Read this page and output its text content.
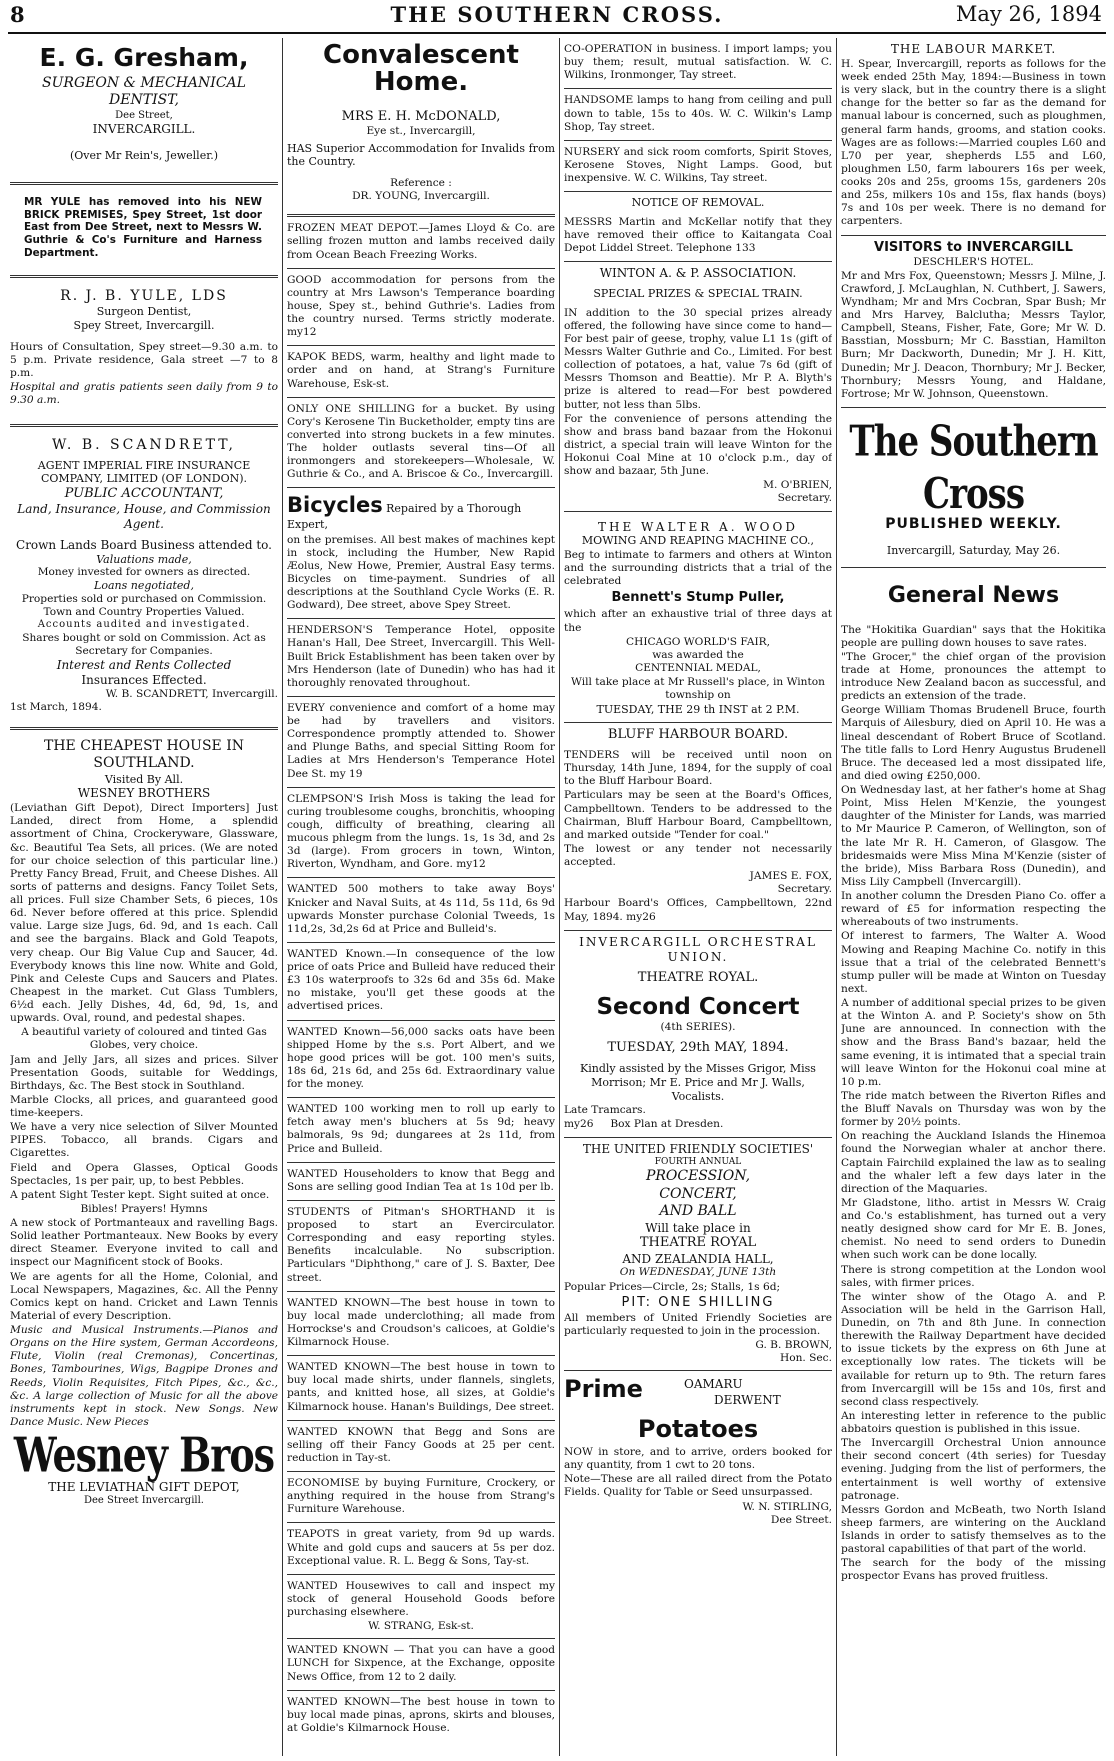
8	THE SOUTHERN CROSS.	May 26, 1894
E. G. Gresham,
SURGEON & MECHANICAL
DENTIST,
Dee Street,
INVERCARGILL.
(Over Mr Rein's, Jeweller.)

MR YULE has removed into his NEW BRICK PREMISES, Spey Street, 1st door East from Dee Street, next to Messrs W. Guthrie & Co's Furniture and Harness Department.

R. J. B. YULE, LDS
Surgeon Dentist,
Spey Street, Invercargill.

Hours of Consultation, Spey street—9.30 a.m. to 5 p.m. Private residence, Gala street —7 to 8 p.m.

Hospital and gratis patients seen daily from 9 to 9.30 a.m.

W. B. SCANDRETT,
AGENT IMPERIAL FIRE INSURANCE COMPANY, LIMITED (OF LONDON).
PUBLIC ACCOUNTANT,
Land, Insurance, House, and Commission Agent.
Crown Lands Board Business attended to.
Valuations made,
Money invested for owners as directed.
Loans negotiated,
Properties sold or purchased on Commission. Town and Country Properties Valued.
Accounts audited and investigated.
Shares bought or sold on Commission. Act as Secretary for Companies.
Interest and Rents Collected
Insurances Effected.
W. B. SCANDRETT, Invercargill.
1st March, 1894.
THE CHEAPEST HOUSE IN SOUTHLAND.
Visited By All.
WESNEY BROTHERS

(Leviathan Gift Depot), Direct Importers] Just Landed, direct from Home, a splendid assortment of China, Crockeryware, Glassware, &c. Beautiful Tea Sets, all prices. (We are noted for our choice selection of this particular line.) Pretty Fancy Bread, Fruit, and Cheese Dishes. All sorts of patterns and designs. Fancy Toilet Sets, all prices. Full size Chamber Sets, 6 pieces, 10s 6d. Never before offered at this price. Splendid value. Large size Jugs, 6d. 9d, and 1s each. Call and see the bargains. Black and Gold Teapots, very cheap. Our Big Value Cup and Saucer, 4d. Everybody knows this line now. White and Gold, Pink and Celeste Cups and Saucers and Plates. Cheapest in the market. Cut Glass Tumblers, 6½d each. Jelly Dishes, 4d, 6d, 9d, 1s, and upwards. Oval, round, and pedestal shapes.

A beautiful variety of coloured and tinted Gas Globes, very choice.

Jam and Jelly Jars, all sizes and prices. Silver Presentation Goods, suitable for Weddings, Birthdays, &c. The Best stock in Southland.

Marble Clocks, all prices, and guaranteed good time-keepers.

We have a very nice selection of Silver Mounted PIPES. Tobacco, all brands. Cigars and Cigarettes.

Field and Opera Glasses, Optical Goods Spectacles, 1s per pair, up, to best Pebbles.

A patent Sight Tester kept. Sight suited at once.

Bibles! Prayers! Hymns

A new stock of Portmanteaux and ravelling Bags. Solid leather Portmanteaux. New Books by every direct Steamer. Everyone invited to call and inspect our Magnificent stock of Books.

We are agents for all the Home, Colonial, and Local Newspapers, Magazines, &c. All the Penny Comics kept on hand. Cricket and Lawn Tennis Material of every Description.

Music and Musical Instruments.—Pianos and Organs on the Hire system, German Accordeons, Flute, Violin (real Cremonas), Concertinas, Bones, Tambourines, Wigs, Bagpipe Drones and Reeds, Violin Requisites, Fitch Pipes, &c., &c., &c. A large collection of Music for all the above instruments kept in stock. New Songs. New Dance Music. New Pieces

Wesney Bros
THE LEVIATHAN GIFT DEPOT,
Dee Street Invercargill.
Convalescent Home.
MRS E. H. McDONALD,
Eye st., Invercargill,

HAS Superior Accommodation for Invalids from the Country.

Reference :
DR. YOUNG, Invercargill.

FROZEN MEAT DEPOT.—James Lloyd & Co. are selling frozen mutton and lambs received daily from Ocean Beach Freezing Works.

GOOD accommodation for persons from the country at Mrs Lawson's Temperance boarding house, Spey st., behind Guthrie's. Ladies from the country nursed. Terms strictly moderate. my12

KAPOK BEDS, warm, healthy and light made to order and on hand, at Strang's Furniture Warehouse, Esk-st.

ONLY ONE SHILLING for a bucket. By using Cory's Kerosene Tin Bucketholder, empty tins are converted into strong buckets in a few minutes. The holder outlasts several tins—Of all ironmongers and storekeepers—Wholesale, W. Guthrie & Co., and A. Briscoe & Co., Invercargill.

Bicycles Repaired by a Thorough Expert,

on the premises. All best makes of machines kept in stock, including the Humber, New Rapid Æolus, New Howe, Premier, Austral Easy terms. Bicycles on time-payment. Sundries of all descriptions at the Southland Cycle Works (E. R. Godward), Dee street, above Spey Street.

HENDERSON'S Temperance Hotel, opposite Hanan's Hall, Dee Street, Invercargill. This Well-Built Brick Establishment has been taken over by Mrs Henderson (late of Dunedin) who has had it thoroughly renovated throughout.

EVERY convenience and comfort of a home may be had by travellers and visitors. Correspondence promptly attended to. Shower and Plunge Baths, and special Sitting Room for Ladies at Mrs Henderson's Temperance Hotel Dee St. my 19

CLEMPSON'S Irish Moss is taking the lead for curing troublesome coughs, bronchitis, whooping cough, difficulty of breathing, clearing all mucous phlegm from the lungs. 1s, 1s 3d, and 2s 3d (large). From grocers in town, Winton, Riverton, Wyndham, and Gore. my12

WANTED 500 mothers to take away Boys' Knicker and Naval Suits, at 4s 11d, 5s 11d, 6s 9d upwards Monster purchase Colonial Tweeds, 1s 11d,2s, 3d,2s 6d at Price and Bulleid's.

WANTED Known.—In consequence of the low price of oats Price and Bulleid have reduced their £3 10s waterproofs to 32s 6d and 35s 6d. Make no mistake, you'll get these goods at the advertised prices.

WANTED Known—56,000 sacks oats have been shipped Home by the s.s. Port Albert, and we hope good prices will be got. 100 men's suits, 18s 6d, 21s 6d, and 25s 6d. Extraordinary value for the money.

WANTED 100 working men to roll up early to fetch away men's bluchers at 5s 9d; heavy balmorals, 9s 9d; dungarees at 2s 11d, from Price and Bulleid.

WANTED Householders to know that Begg and Sons are selling good Indian Tea at 1s 10d per lb.

STUDENTS of Pitman's SHORTHAND it is proposed to start an Evercirculator. Corresponding and easy reporting styles. Benefits incalculable. No subscription. Particulars "Diphthong," care of J. S. Baxter, Dee street.

WANTED KNOWN—The best house in town to buy local made underclothing; all made from Horrockse's and Croudson's calicoes, at Goldie's Kilmarnock House.

WANTED KNOWN—The best house in town to buy local made shirts, under flannels, singlets, pants, and knitted hose, all sizes, at Goldie's Kilmarnock house. Hanan's Buildings, Dee street.

WANTED KNOWN that Begg and Sons are selling off their Fancy Goods at 25 per cent. reduction in Tay-st.

ECONOMISE by buying Furniture, Crockery, or anything required in the house from Strang's Furniture Warehouse.

TEAPOTS in great variety, from 9d up wards. White and gold cups and saucers at 5s per doz. Exceptional value. R. L. Begg & Sons, Tay-st.

WANTED Housewives to call and inspect my stock of general Household Goods before purchasing elsewhere.

W. STRANG, Esk-st.

WANTED KNOWN — That you can have a good LUNCH for Sixpence, at the Exchange, opposite News Office, from 12 to 2 daily.

WANTED KNOWN—The best house in town to buy local made pinas, aprons, skirts and blouses, at Goldie's Kilmarnock House.

CO-OPERATION in business. I import lamps; you buy them; result, mutual satisfaction. W. C. Wilkins, Ironmonger, Tay street.

HANDSOME lamps to hang from ceiling and pull down to table, 15s to 40s. W. C. Wilkin's Lamp Shop, Tay street.

NURSERY and sick room comforts, Spirit Stoves, Kerosene Stoves, Night Lamps. Good, but inexpensive. W. C. Wilkins, Tay street.

NOTICE OF REMOVAL.

MESSRS Martin and McKellar notify that they have removed their office to Kaitangata Coal Depot Liddel Street. Telephone 133

WINTON A. & P. ASSOCIATION.
SPECIAL PRIZES & SPECIAL TRAIN.

IN addition to the 30 special prizes already offered, the following have since come to hand—For best pair of geese, trophy, value L1 1s (gift of Messrs Walter Guthrie and Co., Limited. For best collection of potatoes, a hat, value 7s 6d (gift of Messrs Thomson and Beattie). Mr P. A. Blyth's prize is altered to read—For best powdered butter, not less than 5lbs.

For the convenience of persons attending the show and brass band bazaar from the Hokonui district, a special train will leave Winton for the Hokonui Coal Mine at 10 o'clock p.m., day of show and bazaar, 5th June.

M. O'BRIEN,
Secretary.
THE WALTER A. WOOD
MOWING AND REAPING MACHINE CO.,

Beg to intimate to farmers and others at Winton and the surrounding districts that a trial of the celebrated

Bennett's Stump Puller,

which after an exhaustive trial of three days at the

CHICAGO WORLD'S FAIR,
was awarded the
CENTENNIAL MEDAL,

Will take place at Mr Russell's place, in Winton township on

TUESDAY, THE 29 th INST at 2 P.M.
BLUFF HARBOUR BOARD.

TENDERS will be received until noon on Thursday, 14th June, 1894, for the supply of coal to the Bluff Harbour Board.

Particulars may be seen at the Board's Offices, Campbelltown. Tenders to be addressed to the Chairman, Bluff Harbour Board, Campbelltown, and marked outside "Tender for coal."

The lowest or any tender not necessarily accepted.

JAMES E. FOX,
Secretary.

Harbour Board's Offices, Campbelltown, 22nd May, 1894. my26

INVERCARGILL ORCHESTRAL UNION.
THEATRE ROYAL.
Second Concert
(4th SERIES).
TUESDAY, 29th MAY, 1894.

Kindly assisted by the Misses Grigor, Miss Morrison; Mr E. Price and Mr J. Walls, Vocalists.

Late Tramcars.

my26 Box Plan at Dresden.

THE UNITED FRIENDLY SOCIETIES'
FOURTH ANNUAL
PROCESSION,
CONCERT,
AND BALL
Will take place in
THEATRE ROYAL
AND ZEALANDIA HALL,
On WEDNESDAY, JUNE 13th

Popular Prices—Circle, 2s; Stalls, 1s 6d;

PIT: ONE SHILLING

All members of United Friendly Societies are particularly requested to join in the procession.

G. B. BROWN,
Hon. Sec.
Prime	OAMARU
DERWENT
Potatoes

NOW in store, and to arrive, orders booked for any quantity, from 1 cwt to 20 tons.

Note—These are all railed direct from the Potato Fields. Quality for Table or Seed unsurpassed.

W. N. STIRLING,
Dee Street.
THE LABOUR MARKET.

H. Spear, Invercargill, reports as follows for the week ended 25th May, 1894:—Business in town is very slack, but in the country there is a slight change for the better so far as the demand for manual labour is concerned, such as ploughmen, general farm hands, grooms, and station cooks. Wages are as follows:—Married couples L60 and L70 per year, shepherds L55 and L60, ploughmen L50, farm labourers 16s per week, cooks 20s and 25s, grooms 15s, gardeners 20s and 25s, milkers 10s and 15s, flax hands (boys) 7s and 10s per week. There is no demand for carpenters.

VISITORS to INVERCARGILL
DESCHLER'S HOTEL.

Mr and Mrs Fox, Queenstown; Messrs J. Milne, J. Crawford, J. McLaughlan, N. Cuthbert, J. Sawers, Wyndham; Mr and Mrs Cocbran, Spar Bush; Mr and Mrs Harvey, Balclutha; Messrs Taylor, Campbell, Steans, Fisher, Fate, Gore; Mr W. D. Basstian, Mossburn; Mr C. Basstian, Hamilton Burn; Mr Dackworth, Dunedin; Mr J. H. Kitt, Dunedin; Mr J. Deacon, Thornbury; Mr J. Becker, Thornbury; Messrs Young, and Haldane, Fortrose; Mr W. Johnson, Queenstown.

The Southern Cross
PUBLISHED WEEKLY.
Invercargill, Saturday, May 26.
General News

The "Hokitika Guardian" says that the Hokitika people are pulling down houses to save rates.

"The Grocer," the chief organ of the provision trade at Home, pronounces the attempt to introduce New Zealand bacon as successful, and predicts an extension of the trade.

George William Thomas Brudenell Bruce, fourth Marquis of Ailesbury, died on April 10. He was a lineal descendant of Robert Bruce of Scotland. The title falls to Lord Henry Augustus Brudenell Bruce. The deceased led a most dissipated life, and died owing £250,000.

On Wednesday last, at her father's home at Shag Point, Miss Helen M'Kenzie, the youngest daughter of the Minister for Lands, was married to Mr Maurice P. Cameron, of Wellington, son of the late Mr R. H. Cameron, of Glasgow. The bridesmaids were Miss Mina M'Kenzie (sister of the bride), Miss Barbara Ross (Dunedin), and Miss Lily Campbell (Invercargill).

In another column the Dresden Piano Co. offer a reward of £5 for information respecting the whereabouts of two instruments.

Of interest to farmers, The Walter A. Wood Mowing and Reaping Machine Co. notify in this issue that a trial of the celebrated Bennett's stump puller will be made at Winton on Tuesday next.

A number of additional special prizes to be given at the Winton A. and P. Society's show on 5th June are announced. In connection with the show and the Brass Band's bazaar, held the same evening, it is intimated that a special train will leave Winton for the Hokonui coal mine at 10 p.m.

The ride match between the Riverton Rifles and the Bluff Navals on Thursday was won by the former by 20½ points.

On reaching the Auckland Islands the Hinemoa found the Norwegian whaler at anchor there. Captain Fairchild explained the law as to sealing and the whaler left a few days later in the direction of the Maquaries.

Mr Gladstone, litho. artist in Messrs W. Craig and Co.'s establishment, has turned out a very neatly designed show card for Mr E. B. Jones, chemist. No need to send orders to Dunedin when such work can be done locally.

There is strong competition at the London wool sales, with firmer prices.

The winter show of the Otago A. and P. Association will be held in the Garrison Hall, Dunedin, on 7th and 8th June. In connection therewith the Railway Department have decided to issue tickets by the express on 6th June at exceptionally low rates. The tickets will be available for return up to 9th. The return fares from Invercargill will be 15s and 10s, first and second class respectively.

An interesting letter in reference to the public abbatoirs question is published in this issue.

The Invercargill Orchestral Union announce their second concert (4th series) for Tuesday evening. Judging from the list of performers, the entertainment is well worthy of extensive patronage.

Messrs Gordon and McBeath, two North Island sheep farmers, are wintering on the Auckland Islands in order to satisfy themselves as to the pastoral capabilities of that part of the world.

The search for the body of the missing prospector Evans has proved fruitless.
